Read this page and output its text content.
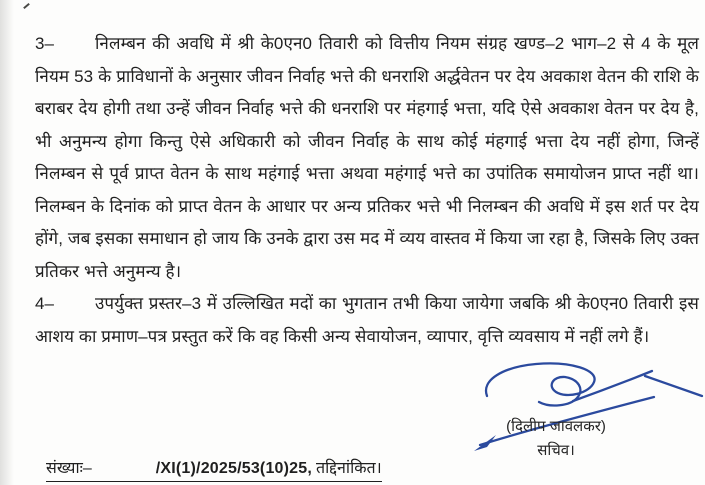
3– निलम्बन की अवधि में श्री के0एन0 तिवारी को वित्तीय नियम संग्रह खण्ड–2 भाग–2 से 4 के मूल नियम 53 के प्राविधानों के अनुसार जीवन निर्वाह भत्ते की धनराशि अर्द्धवेतन पर देय अवकाश वेतन की राशि के बराबर देय होगी तथा उन्हें जीवन निर्वाह भत्ते की धनराशि पर मंहगाई भत्ता, यदि ऐसे अवकाश वेतन पर देय है, भी अनुमन्य होगा किन्तु ऐसे अधिकारी को जीवन निर्वाह के साथ कोई मंहगाई भत्ता देय नहीं होगा, जिन्हें निलम्बन से पूर्व प्राप्त वेतन के साथ महंगाई भत्ता अथवा महंगाई भत्ते का उपांतिक समायोजन प्राप्त नहीं था। निलम्बन के दिनांक को प्राप्त वेतन के आधार पर अन्य प्रतिकर भत्ते भी निलम्बन की अवधि में इस शर्त पर देय होंगे, जब इसका समाधान हो जाय कि उनके द्वारा उस मद में व्यय वास्तव में किया जा रहा है, जिसके लिए उक्त प्रतिकर भत्ते अनुमन्य है।

4– उपर्युक्त प्रस्तर–3 में उल्लिखित मदों का भुगतान तभी किया जायेगा जबकि श्री के0एन0 तिवारी इस आशय का प्रमाण–पत्र प्रस्तुत करें कि वह किसी अन्य सेवायोजन, व्यापार, वृत्ति व्यवसाय में नहीं लगे हैं।

(दिलीप जावलकर)
सचिव।
संख्याः–	/XI(1)/2025/53(10)25, तद्दिनांकित।
